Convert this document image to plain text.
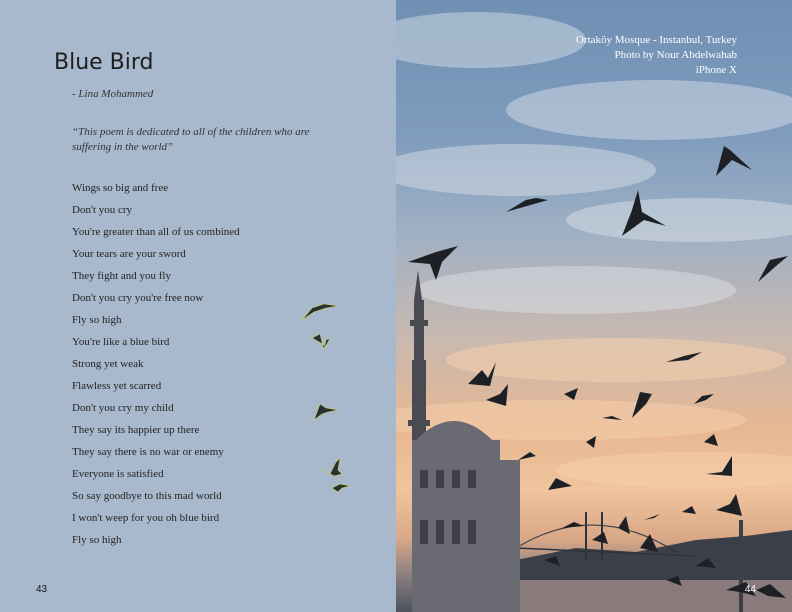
Blue Bird
- Lina Mohammed
“This poem is dedicated to all of the children who are suffering in the world”
Wings so big and free
Don't you cry
You're greater than all of us combined
Your tears are your sword
They fight and you fly
Don't you cry you're free now
Fly so high
You're like a blue bird
Strong yet weak
Flawless yet scarred
Don't you cry my child
They say its happier up there
They say there is no war or enemy
Everyone is satisfied
So say goodbye to this mad world
I won't weep for you oh blue bird
Fly so high
43
Ortaköy Mosque - Instanbul, Turkey
Photo by Nour Abdelwahab
iPhone X
44
